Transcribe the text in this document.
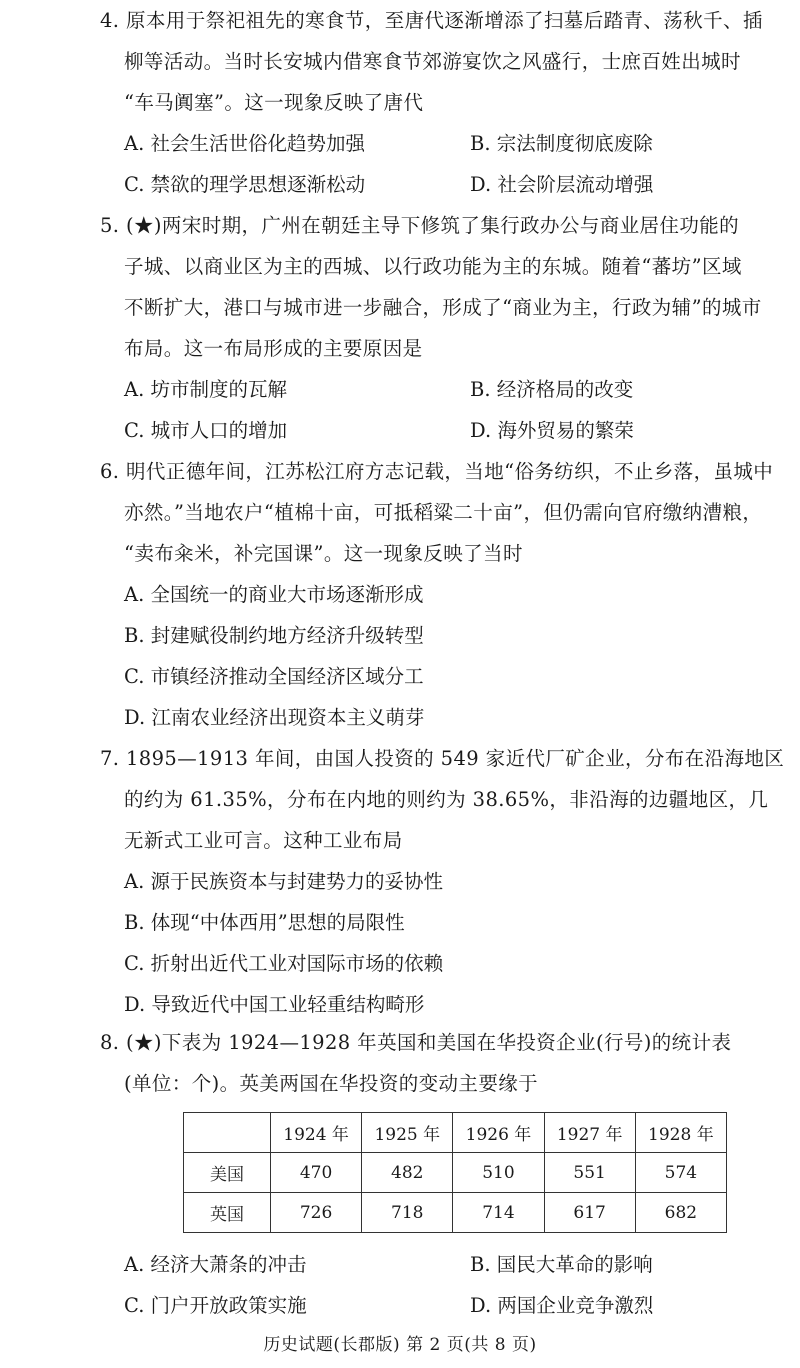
4. 原本用于祭祀祖先的寒食节，至唐代逐渐增添了扫墓后踏青、荡秋千、插
柳等活动。当时长安城内借寒食节郊游宴饮之风盛行，士庶百姓出城时
“车马阗塞”。这一现象反映了唐代
A. 社会生活世俗化趋势加强	B. 宗法制度彻底废除
C. 禁欲的理学思想逐渐松动	D. 社会阶层流动增强
5. (★)两宋时期，广州在朝廷主导下修筑了集行政办公与商业居住功能的
子城、以商业区为主的西城、以行政功能为主的东城。随着“蕃坊”区域
不断扩大，港口与城市进一步融合，形成了“商业为主，行政为辅”的城市
布局。这一布局形成的主要原因是
A. 坊市制度的瓦解	B. 经济格局的改变
C. 城市人口的增加	D. 海外贸易的繁荣
6. 明代正德年间，江苏松江府方志记载，当地“俗务纺织，不止乡落，虽城中
亦然。”当地农户“植棉十亩，可抵稻粱二十亩”，但仍需向官府缴纳漕粮，
“卖布籴米，补完国课”。这一现象反映了当时
A. 全国统一的商业大市场逐渐形成
B. 封建赋役制约地方经济升级转型
C. 市镇经济推动全国经济区域分工
D. 江南农业经济出现资本主义萌芽
7. 1895—1913 年间，由国人投资的 549 家近代厂矿企业，分布在沿海地区
的约为 61.35%，分布在内地的则约为 38.65%，非沿海的边疆地区，几
无新式工业可言。这种工业布局
A. 源于民族资本与封建势力的妥协性
B. 体现“中体西用”思想的局限性
C. 折射出近代工业对国际市场的依赖
D. 导致近代中国工业轻重结构畸形
8. (★)下表为 1924—1928 年英国和美国在华投资企业(行号)的统计表
(单位：个)。英美两国在华投资的变动主要缘于
	1924 年	1925 年	1926 年	1927 年	1928 年
美国	470	482	510	551	574
英国	726	718	714	617	682
A. 经济大萧条的冲击	B. 国民大革命的影响
C. 门户开放政策实施	D. 两国企业竞争激烈
历史试题(长郡版) 第 2 页(共 8 页)
